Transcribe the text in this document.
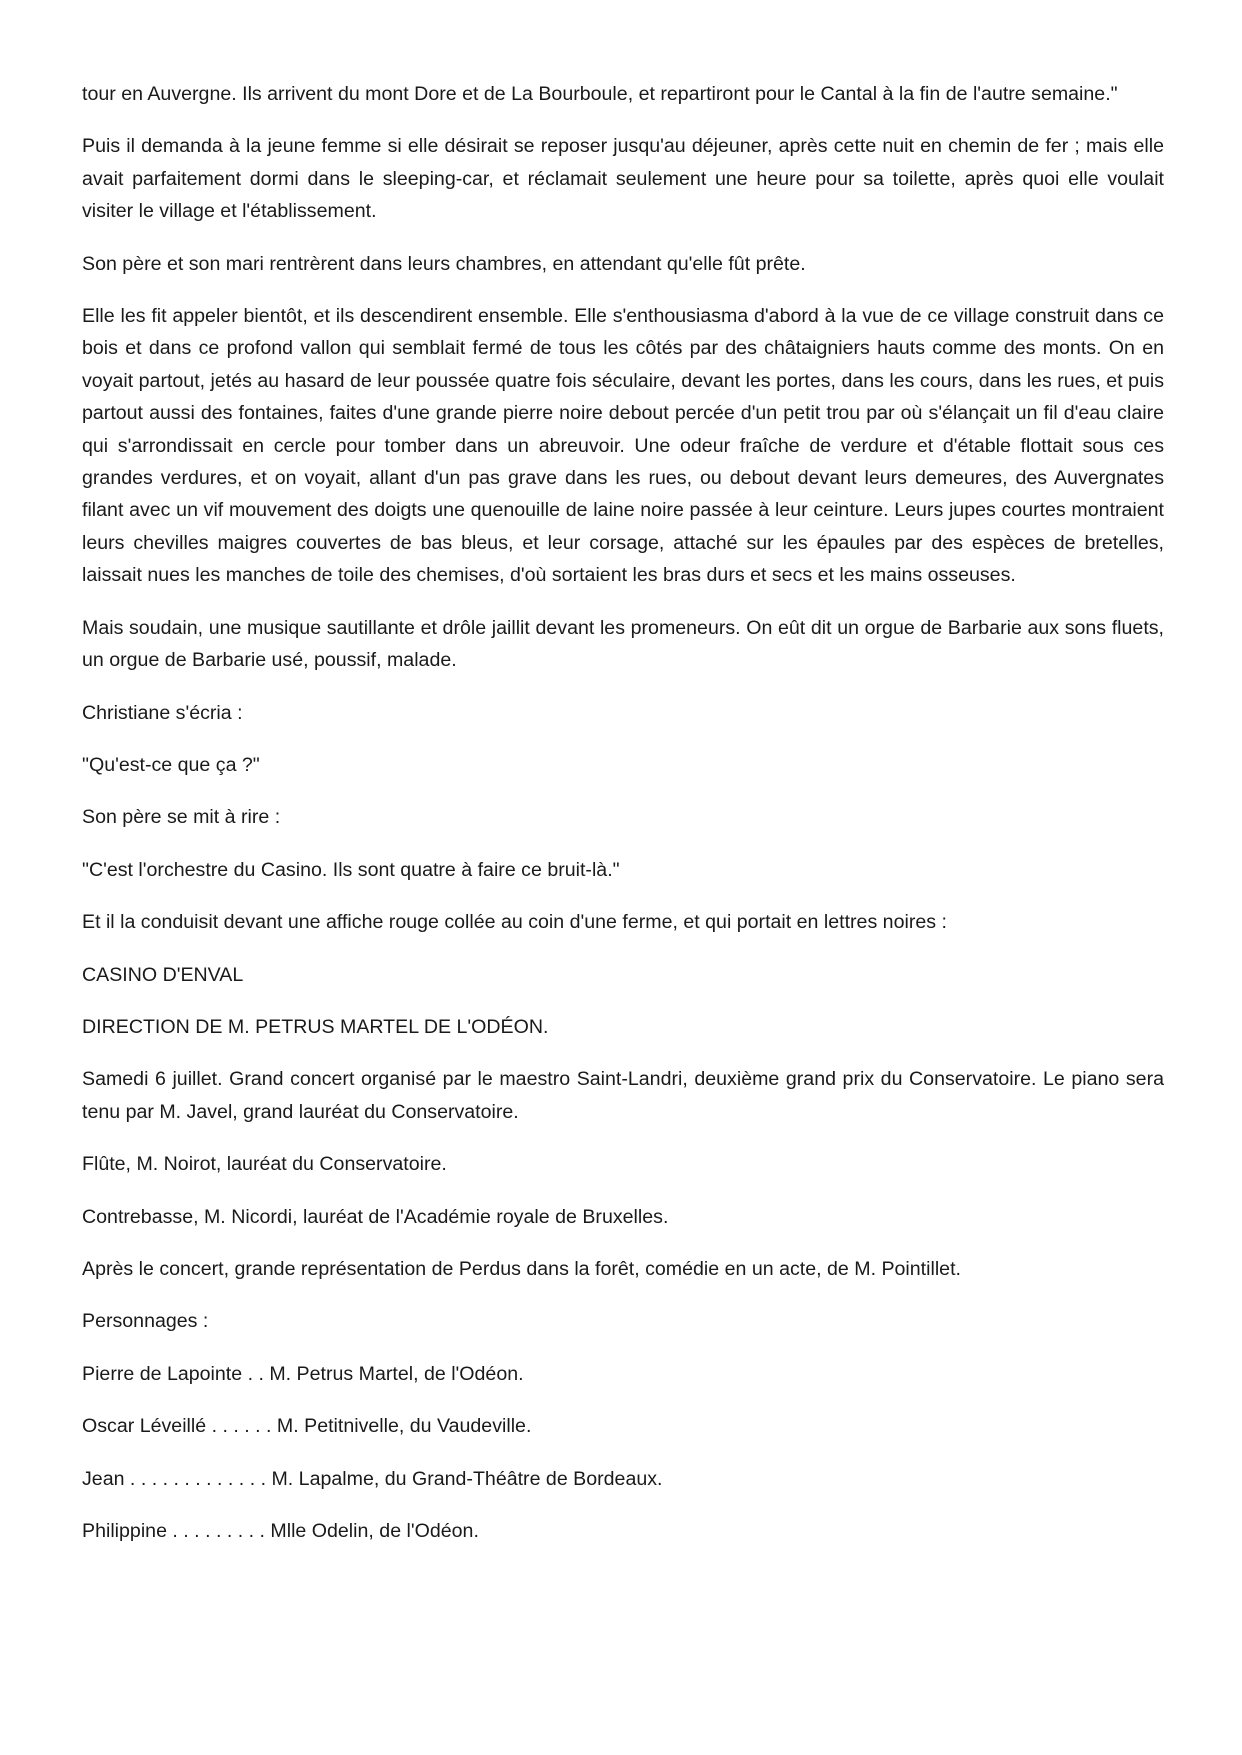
tour en Auvergne. Ils arrivent du mont Dore et de La Bourboule, et repartiront pour le Cantal à la fin de l'autre semaine."

Puis il demanda à la jeune femme si elle désirait se reposer jusqu'au déjeuner, après cette nuit en chemin de fer ; mais elle avait parfaitement dormi dans le sleeping-car, et réclamait seulement une heure pour sa toilette, après quoi elle voulait visiter le village et l'établissement.

Son père et son mari rentrèrent dans leurs chambres, en attendant qu'elle fût prête.

Elle les fit appeler bientôt, et ils descendirent ensemble. Elle s'enthousiasma d'abord à la vue de ce village construit dans ce bois et dans ce profond vallon qui semblait fermé de tous les côtés par des châtaigniers hauts comme des monts. On en voyait partout, jetés au hasard de leur poussée quatre fois séculaire, devant les portes, dans les cours, dans les rues, et puis partout aussi des fontaines, faites d'une grande pierre noire debout percée d'un petit trou par où s'élançait un fil d'eau claire qui s'arrondissait en cercle pour tomber dans un abreuvoir. Une odeur fraîche de verdure et d'étable flottait sous ces grandes verdures, et on voyait, allant d'un pas grave dans les rues, ou debout devant leurs demeures, des Auvergnates filant avec un vif mouvement des doigts une quenouille de laine noire passée à leur ceinture. Leurs jupes courtes montraient leurs chevilles maigres couvertes de bas bleus, et leur corsage, attaché sur les épaules par des espèces de bretelles, laissait nues les manches de toile des chemises, d'où sortaient les bras durs et secs et les mains osseuses.

Mais soudain, une musique sautillante et drôle jaillit devant les promeneurs. On eût dit un orgue de Barbarie aux sons fluets, un orgue de Barbarie usé, poussif, malade.

Christiane s'écria :

"Qu'est-ce que ça ?"

Son père se mit à rire :

"C'est l'orchestre du Casino. Ils sont quatre à faire ce bruit-là."

Et il la conduisit devant une affiche rouge collée au coin d'une ferme, et qui portait en lettres noires :

CASINO D'ENVAL

DIRECTION DE M. PETRUS MARTEL DE L'ODÉON.

Samedi 6 juillet. Grand concert organisé par le maestro Saint-Landri, deuxième grand prix du Conservatoire. Le piano sera tenu par M. Javel, grand lauréat du Conservatoire.

Flûte, M. Noirot, lauréat du Conservatoire.

Contrebasse, M. Nicordi, lauréat de l'Académie royale de Bruxelles.

Après le concert, grande représentation de Perdus dans la forêt, comédie en un acte, de M. Pointillet.

Personnages :

Pierre de Lapointe . . M. Petrus Martel, de l'Odéon.

Oscar Léveillé . . . . . . M. Petitnivelle, du Vaudeville.

Jean . . . . . . . . . . . . . M. Lapalme, du Grand-Théâtre de Bordeaux.

Philippine . . . . . . . . . Mlle Odelin, de l'Odéon.
